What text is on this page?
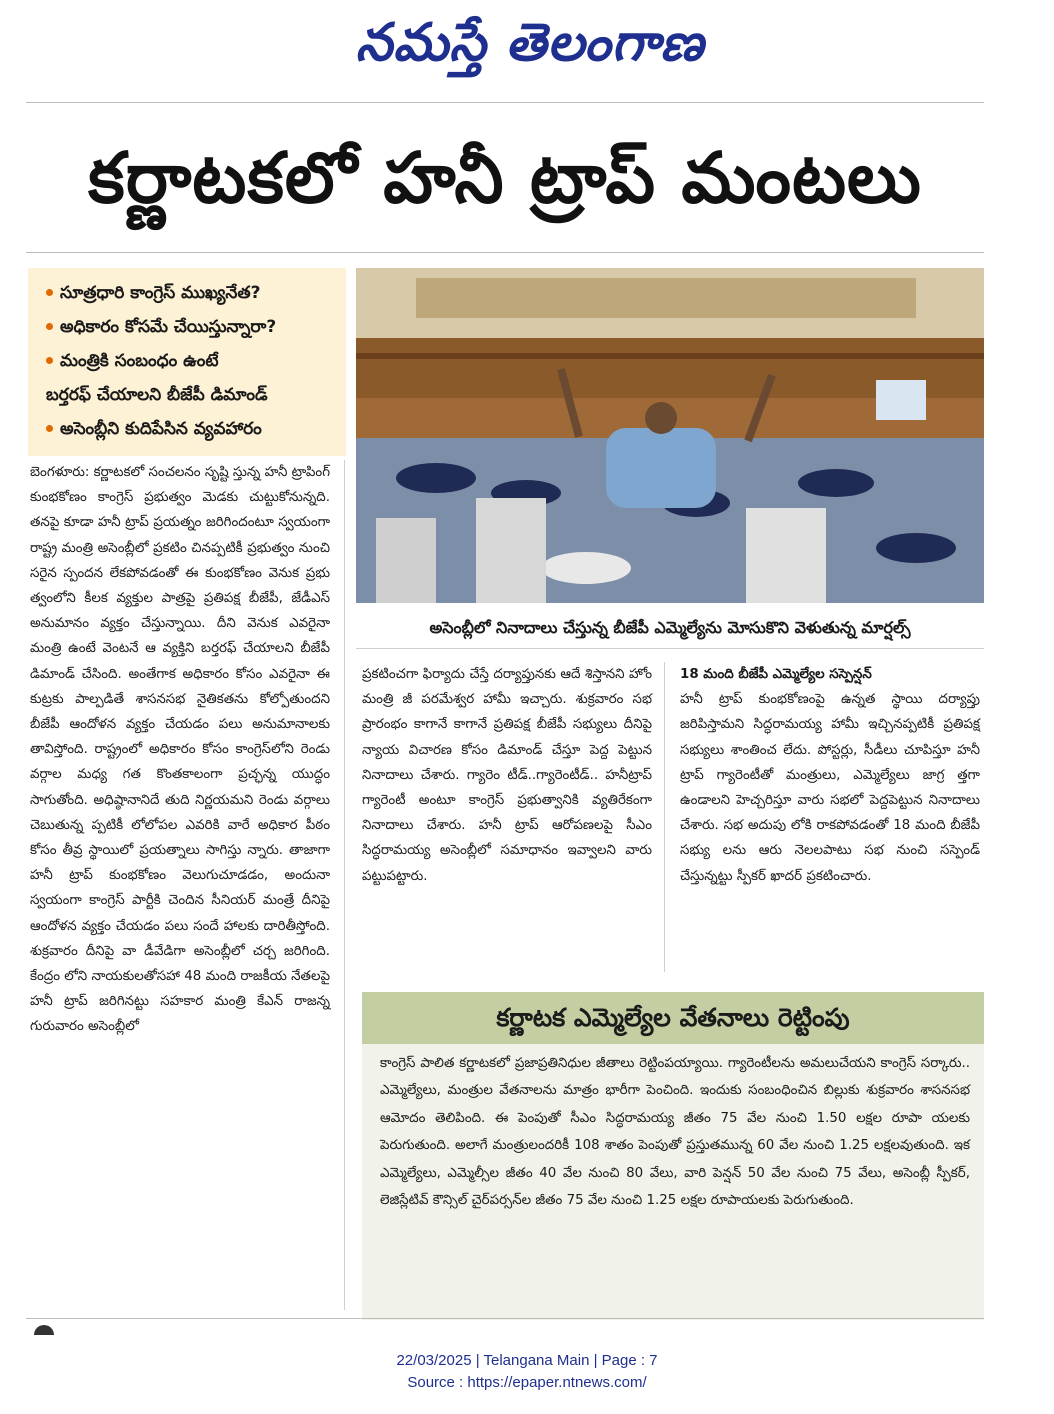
నమస్తే తెలంగాణ
కర్ణాటకలో హనీ ట్రాప్ మంటలు
సూత్రధారి కాంగ్రెస్ ముఖ్యనేత?
అధికారం కోసమే చేయిస్తున్నారా?
మంత్రికి సంబంధం ఉంటే
బర్తరఫ్ చేయాలని బీజేపీ డిమాండ్
అసెంబ్లీని కుదిపేసిన వ్యవహారం
అసెంబ్లీలో నినాదాలు చేస్తున్న బీజేపీ ఎమ్మెల్యేను మోసుకొని వెళుతున్న మార్షల్స్

బెంగళూరు: కర్ణాటకలో సంచలనం సృష్టి స్తున్న హనీ ట్రాపింగ్ కుంభకోణం కాంగ్రెస్ ప్రభుత్వం మెడకు చుట్టుకోనున్నది. తనపై కూడా హనీ ట్రాప్ ప్రయత్నం జరిగిందంటూ స్వయంగా రాష్ట్ర మంత్రి అసెంబ్లీలో ప్రకటిం చినప్పటికీ ప్రభుత్వం నుంచి సరైన స్పందన లేకపోవడంతో ఈ కుంభకోణం వెనుక ప్రభు త్వంలోని కీలక వ్యక్తుల పాత్రపై ప్రతిపక్ష బీజేపీ, జేడీఎస్ అనుమానం వ్యక్తం చేస్తున్నాయి. దీని వెనుక ఎవరైనా మంత్రి ఉంటే వెంటనే ఆ వ్యక్తిని బర్తరఫ్ చేయాలని బీజేపీ డిమాండ్ చేసింది. అంతేగాక అధికారం కోసం ఎవరైనా ఈ కుట్రకు పాల్పడితే శాసనసభ నైతికతను కోల్పోతుందని బీజేపీ ఆందోళన వ్యక్తం చేయడం పలు అనుమానాలకు తావిస్తోంది. రాష్ట్రంలో అధికారం కోసం కాంగ్రెస్‌లోని రెండు వర్గాల మధ్య గత కొంతకాలంగా ప్రచ్ఛన్న యుద్ధం సాగుతోంది. అధిష్ఠానానిదే తుది నిర్ణయమని రెండు వర్గాలు చెబుతున్న ప్పటికీ లోలోపల ఎవరికి వారే అధికార పీఠం కోసం తీవ్ర స్థాయిలో ప్రయత్నాలు సాగిస్తు న్నారు. తాజాగా హనీ ట్రాప్ కుంభకోణం వెలుగుచూడడం, అందునా స్వయంగా కాంగ్రెస్ పార్టీకి చెందిన సీనియర్ మంత్రే దీనిపై ఆందోళన వ్యక్తం చేయడం పలు సందే హాలకు దారితీస్తోంది. శుక్రవారం దీనిపై వా డీవేడిగా అసెంబ్లీలో చర్చ జరిగింది. కేంద్రం లోని నాయకులతోసహా 48 మంది రాజకీయ నేతలపై హనీ ట్రాప్ జరిగినట్టు సహకార మంత్రి కేఎన్ రాజన్న గురువారం అసెంబ్లీలో

ప్రకటించగా ఫిర్యాదు చేస్తే దర్యాప్తునకు ఆదే శిస్తానని హోం మంత్రి జీ పరమేశ్వర హామీ ఇచ్చారు. శుక్రవారం సభ ప్రారంభం కాగానే కాగానే ప్రతిపక్ష బీజేపీ సభ్యులు దీనిపై న్యాయ విచారణ కోసం డిమాండ్ చేస్తూ పెద్ద పెట్టున నినాదాలు చేశారు. గ్యారెం టీడ్..గ్యారెంటీడ్.. హనీట్రాప్ గ్యారెంటీ అంటూ కాంగ్రెస్ ప్రభుత్వానికి వ్యతిరేకంగా నినాదాలు చేశారు. హనీ ట్రాప్ ఆరోపణలపై సీఎం సిద్ధరామయ్య అసెంబ్లీలో సమాధానం ఇవ్వాలని వారు పట్టుపట్టారు.

18 మంది బీజేపీ ఎమ్మెల్యేల సస్పెన్షన్
హనీ ట్రాప్ కుంభకోణంపై ఉన్నత స్థాయి దర్యాప్తు జరిపిస్తామని సిద్ధరామయ్య హామీ ఇచ్చినప్పటికీ ప్రతిపక్ష సభ్యులు శాంతించ లేదు. పోస్టర్లు, సీడీలు చూపిస్తూ హనీ ట్రాప్ గ్యారెంటీతో మంత్రులు, ఎమ్మెల్యేలు జాగ్ర త్తగా ఉండాలని హెచ్చరిస్తూ వారు సభలో పెద్దపెట్టున నినాదాలు చేశారు. సభ అదుపు లోకి రాకపోవడంతో 18 మంది బీజేపీ సభ్యు లను ఆరు నెలలపాటు సభ నుంచి సస్పెండ్ చేస్తున్నట్టు స్పీకర్ ఖాదర్ ప్రకటించారు.
కర్ణాటక ఎమ్మెల్యేల వేతనాలు రెట్టింపు

కాంగ్రెస్ పాలిత కర్ణాటకలో ప్రజాప్రతినిధుల జీతాలు రెట్టింపయ్యాయి. గ్యారెంటీలను అమలుచేయని కాంగ్రెస్ సర్కారు.. ఎమ్మెల్యేలు, మంత్రుల వేతనాలను మాత్రం భారీగా పెంచింది. ఇందుకు సంబంధించిన బిల్లుకు శుక్రవారం శాసనసభ ఆమోదం తెలిపింది. ఈ పెంపుతో సీఎం సిద్ధరామయ్య జీతం 75 వేల నుంచి 1.50 లక్షల రూపా యలకు పెరుగుతుంది. అలాగే మంత్రులందరికీ 108 శాతం పెంపుతో ప్రస్తుతమున్న 60 వేల నుంచి 1.25 లక్షలవుతుంది. ఇక ఎమ్మెల్యేలు, ఎమ్మెల్సీల జీతం 40 వేల నుంచి 80 వేలు, వారి పెన్షన్ 50 వేల నుంచి 75 వేలు, అసెంబ్లీ స్పీకర్, లెజిస్లేటివ్ కౌన్సిల్ చైర్‌పర్సన్‌ల జీతం 75 వేల నుంచి 1.25 లక్షల రూపాయలకు పెరుగుతుంది.

22/03/2025 | Telangana Main | Page : 7
Source : https://epaper.ntnews.com/
